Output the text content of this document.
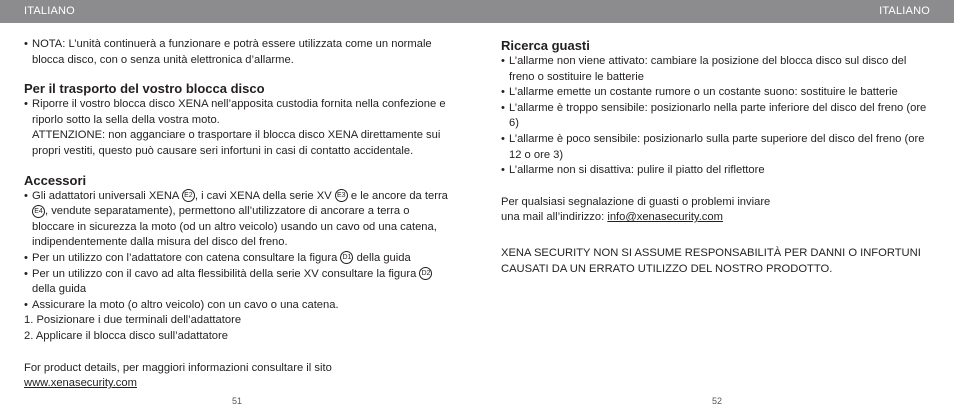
ITALIANO	ITALIANO

• NOTA: L’unità continuerà a funzionare e potrà essere utilizzata come un normale blocca disco, con o senza unità elettronica d’allarme.

Per il trasporto del vostro blocca disco

• Riporre il vostro blocca disco XENA nell’apposita custodia fornita nella confezione e riporlo sotto la sella della vostra moto.

ATTENZIONE: non agganciare o trasportare il blocca disco XENA direttamente sui propri vestiti, questo può causare seri infortuni in casi di contatto accidentale.

Accessori

• Gli adattatori universali XENA E2 , i cavi XENA della serie XV E3 e le ancore da terra E4 , vendute separatamente), permettono all’utilizzatore di ancorare a terra o bloccare in sicurezza la moto (od un altro veicolo) usando un cavo od una catena, indipendentemente dalla misura del disco del freno.

• Per un utilizzo con l’adattatore con catena consultare la figura D1 della guida

• Per un utilizzo con il cavo ad alta flessibilità della serie XV consultare la figura D2 della guida

• Assicurare la moto (o altro veicolo) con un cavo o una catena.

1. Posizionare i due terminali dell’adattatore

2. Applicare il blocca disco sull’adattatore

For product details, per maggiori informazioni consultare il sito

www.xenasecurity.com

Ricerca guasti

• L’allarme non viene attivato: cambiare la posizione del blocca disco sul disco del freno o sostituire le batterie

• L’allarme emette un costante rumore o un costante suono: sostituire le batterie

• L’allarme è troppo sensibile: posizionarlo nella parte inferiore del disco del freno (ore 6)

• L’allarme è poco sensibile: posizionarlo sulla parte superiore del disco del freno (ore 12 o ore 3)

• L’allarme non si disattiva: pulire il piatto del riflettore

Per qualsiasi segnalazione di guasti o problemi inviare

una mail all’indirizzo: info@xenasecurity.com

XENA SECURITY NON SI ASSUME RESPONSABILITÀ PER DANNI O INFORTUNI CAUSATI DA UN ERRATO UTILIZZO DEL NOSTRO PRODOTTO.

51	52
